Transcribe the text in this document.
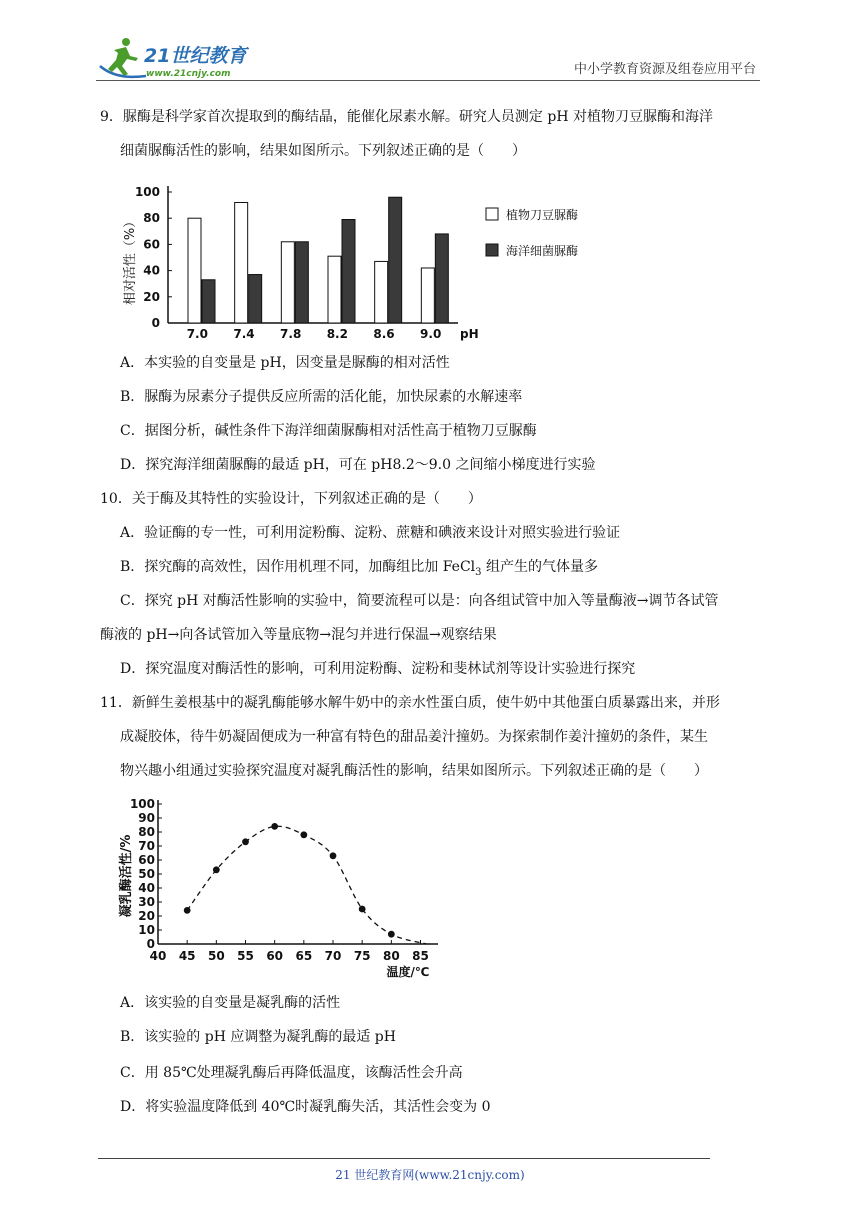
21世纪教育
www.21cnjy.com	中小学教育资源及组卷应用平台
9．脲酶是科学家首次提取到的酶结晶，能催化尿素水解。研究人员测定 pH 对植物刀豆脲酶和海洋
细菌脲酶活性的影响，结果如图所示。下列叙述正确的是（　　）
相对活性（%）
0
20
40
60
80
100
7.0 7.4 7.8 8.2 8.6 9.0 pH
植物刀豆脲酶
海洋细菌脲酶
A．本实验的自变量是 pH，因变量是脲酶的相对活性
B．脲酶为尿素分子提供反应所需的活化能，加快尿素的水解速率
C．据图分析，碱性条件下海洋细菌脲酶相对活性高于植物刀豆脲酶
D．探究海洋细菌脲酶的最适 pH，可在 pH8.2～9.0 之间缩小梯度进行实验
10．关于酶及其特性的实验设计，下列叙述正确的是（　　）
A．验证酶的专一性，可利用淀粉酶、淀粉、蔗糖和碘液来设计对照实验进行验证
B．探究酶的高效性，因作用机理不同，加酶组比加 FeCl$_3$ 组产生的气体量多
C．探究 pH 对酶活性影响的实验中，简要流程可以是：向各组试管中加入等量酶液→调节各试管
酶液的 pH→向各试管加入等量底物→混匀并进行保温→观察结果
D．探究温度对酶活性的影响，可利用淀粉酶、淀粉和斐林试剂等设计实验进行探究
11．新鲜生姜根基中的凝乳酶能够水解牛奶中的亲水性蛋白质，使牛奶中其他蛋白质暴露出来，并形
成凝胶体，待牛奶凝固便成为一种富有特色的甜品姜汁撞奶。为探索制作姜汁撞奶的条件，某生
物兴趣小组通过实验探究温度对凝乳酶活性的影响，结果如图所示。下列叙述正确的是（　　）
凝乳酶活性/%
0
10
20
30
40
50
60
70
80
90
100
40 45 50 55 60 65 70 75 80 85
温度/℃
A．该实验的自变量是凝乳酶的活性
B．该实验的 pH 应调整为凝乳酶的最适 pH
C．用 85℃处理凝乳酶后再降低温度，该酶活性会升高
D．将实验温度降低到 40℃时凝乳酶失活，其活性会变为 0
21 世纪教育网(www.21cnjy.com)
